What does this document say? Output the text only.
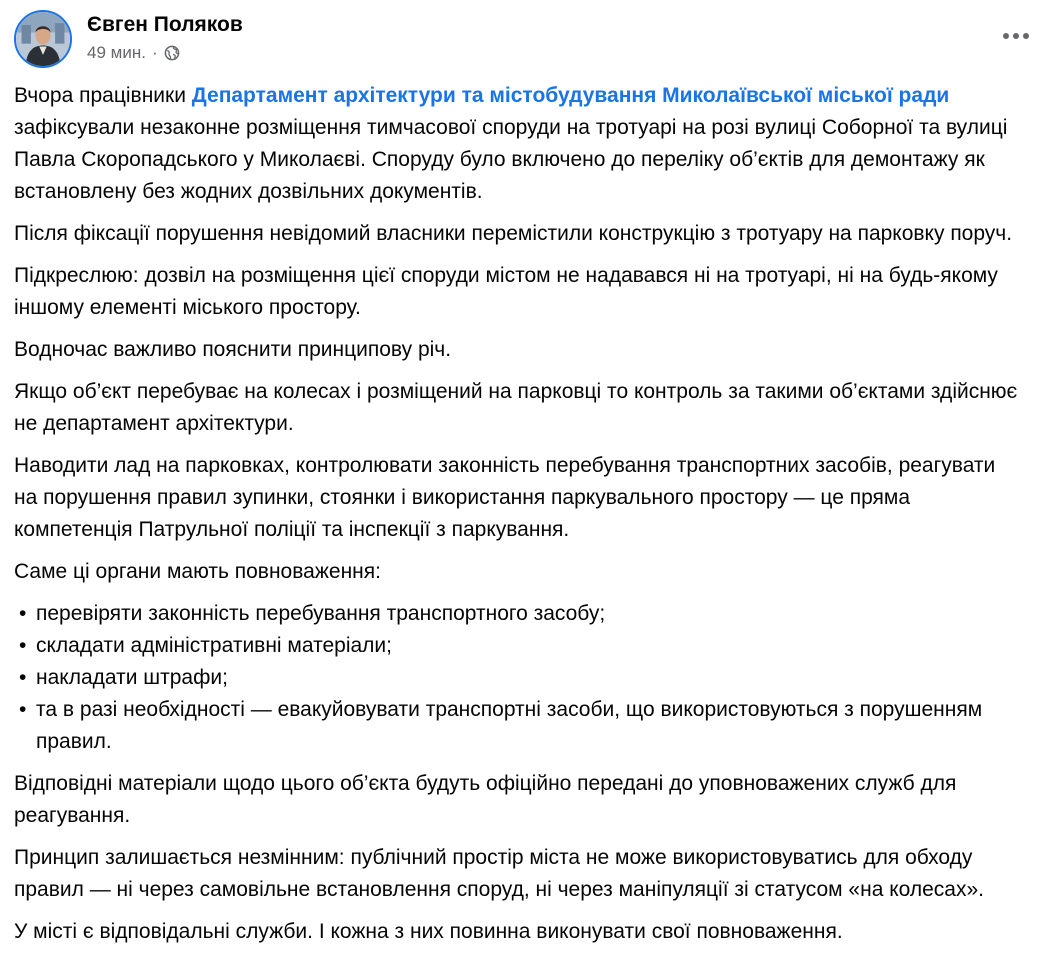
Євген Поляков
49 мин. ·

Вчора працівники Департамент архітектури та містобудування Миколаївської міської ради зафіксували незаконне розміщення тимчасової споруди на тротуарі на розі вулиці Соборної та вулиці Павла Скоропадського у Миколаєві. Споруду було включено до переліку об’єктів для демонтажу як встановлену без жодних дозвільних документів.

Після фіксації порушення невідомий власники перемістили конструкцію з тротуару на парковку поруч.

Підкреслюю: дозвіл на розміщення цієї споруди містом не надавався ні на тротуарі, ні на будь-якому іншому елементі міського простору.

Водночас важливо пояснити принципову річ.

Якщо об’єкт перебуває на колесах і розміщений на парковці то контроль за такими об’єктами здійснює не департамент архітектури.

Наводити лад на парковках, контролювати законність перебування транспортних засобів, реагувати на порушення правил зупинки, стоянки і використання паркувального простору — це пряма компетенція Патрульної поліції та інспекції з паркування.

Саме ці органи мають повноваження:

• перевіряти законність перебування транспортного засобу;
• складати адміністративні матеріали;
• накладати штрафи;
• та в разі необхідності — евакуйовувати транспортні засоби, що використовуються з порушенням правил.

Відповідні матеріали щодо цього об’єкта будуть офіційно передані до уповноважених служб для реагування.

Принцип залишається незмінним: публічний простір міста не може використовуватись для обходу правил — ні через самовільне встановлення споруд, ні через маніпуляції зі статусом «на колесах».

У місті є відповідальні служби. І кожна з них повинна виконувати свої повноваження.
